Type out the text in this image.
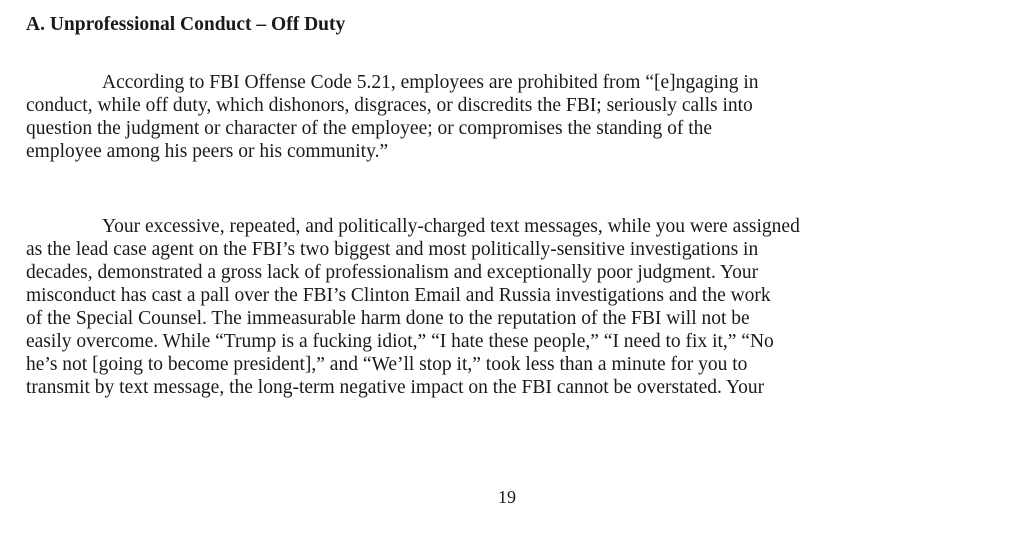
A. Unprofessional Conduct – Off Duty

According to FBI Offense Code 5.21, employees are prohibited from “[e]ngaging in
conduct, while off duty, which dishonors, disgraces, or discredits the FBI; seriously calls into
question the judgment or character of the employee; or compromises the standing of the
employee among his peers or his community.”

Your excessive, repeated, and politically-charged text messages, while you were assigned
as the lead case agent on the FBI’s two biggest and most politically-sensitive investigations in
decades, demonstrated a gross lack of professionalism and exceptionally poor judgment. Your
misconduct has cast a pall over the FBI’s Clinton Email and Russia investigations and the work
of the Special Counsel. The immeasurable harm done to the reputation of the FBI will not be
easily overcome. While “Trump is a fucking idiot,” “I hate these people,” “I need to fix it,” “No
he’s not [going to become president],” and “We’ll stop it,” took less than a minute for you to
transmit by text message, the long-term negative impact on the FBI cannot be overstated. Your

19
